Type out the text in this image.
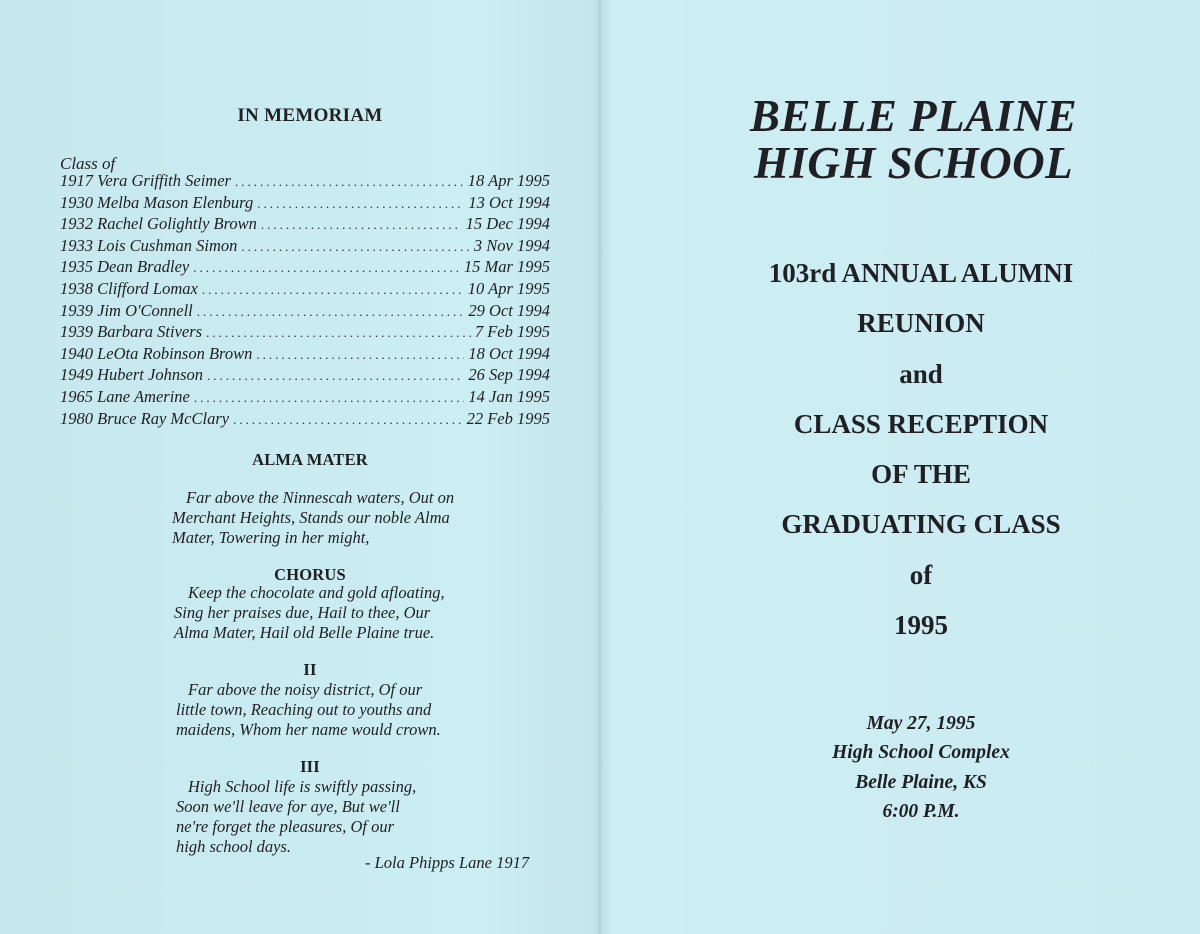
IN MEMORIAM
Class of
1917 Vera Griffith Seimer .....	18 Apr 1995
1930 Melba Mason Elenburg .....	13 Oct 1994
1932 Rachel Golightly Brown .....	15 Dec 1994
1933 Lois Cushman Simon .....	3 Nov 1994
1935 Dean Bradley .....	15 Mar 1995
1938 Clifford Lomax .....	10 Apr 1995
1939 Jim O'Connell .....	29 Oct 1994
1939 Barbara Stivers .....	7 Feb 1995
1940 LeOta Robinson Brown .....	18 Oct 1994
1949 Hubert Johnson .....	26 Sep 1994
1965 Lane Amerine .....	14 Jan 1995
1980 Bruce Ray McClary .....	22 Feb 1995
ALMA MATER
Far above the Ninnescah waters, Out on
Merchant Heights, Stands our noble Alma
Mater, Towering in her might,
CHORUS
Keep the chocolate and gold afloating,
Sing her praises due, Hail to thee, Our
Alma Mater, Hail old Belle Plaine true.
II
Far above the noisy district, Of our
little town, Reaching out to youths and
maidens, Whom her name would crown.
III
High School life is swiftly passing,
Soon we'll leave for aye, But we'll
ne're forget the pleasures, Of our
high school days.
- Lola Phipps Lane 1917
BELLE PLAINE
HIGH SCHOOL
103rd ANNUAL ALUMNI
REUNION
and
CLASS RECEPTION
OF THE
GRADUATING CLASS
of
1995
May 27, 1995
High School Complex
Belle Plaine, KS
6:00 P.M.
